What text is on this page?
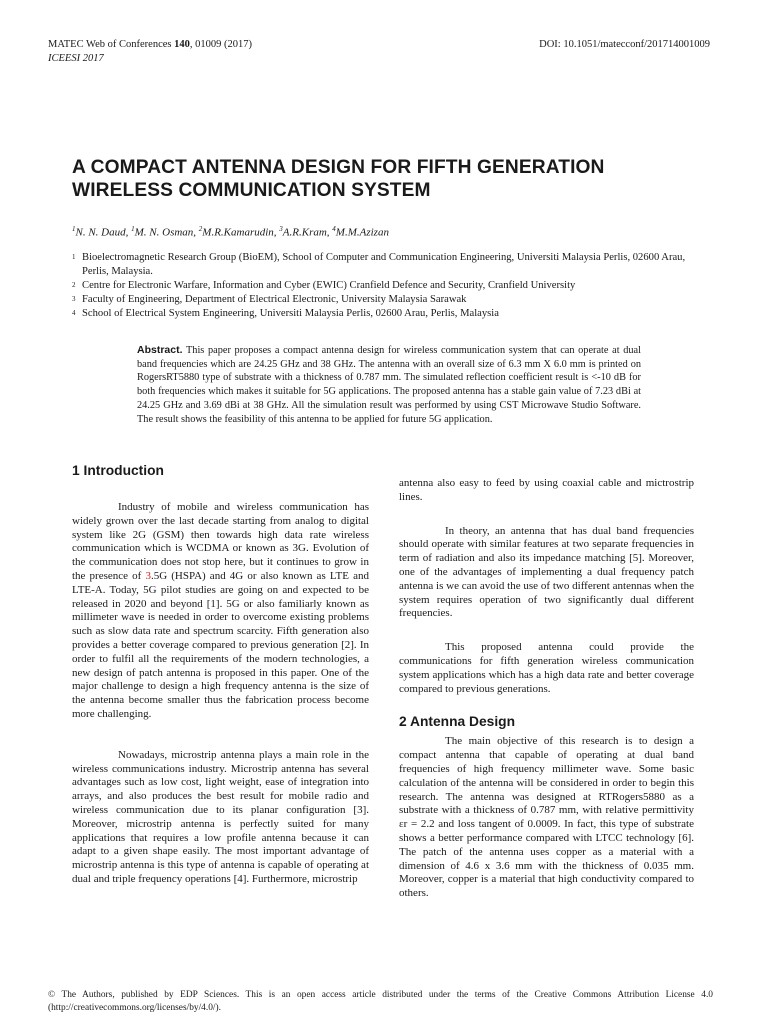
MATEC Web of Conferences 140, 01009 (2017)
ICEESI 2017
DOI: 10.1051/matecconf/201714001009
A COMPACT ANTENNA DESIGN FOR FIFTH GENERATION
WIRELESS COMMUNICATION SYSTEM
$^1$N. N. Daud, $^1$M. N. Osman, $^2$M.R.Kamarudin, $^3$A.R.Kram, $^4$M.M.Azizan
1 Bioelectromagnetic Research Group (BioEM), School of Computer and Communication Engineering, Universiti Malaysia Perlis, 02600 Arau, Perlis, Malaysia.
2 Centre for Electronic Warfare, Information and Cyber (EWIC) Cranfield Defence and Security, Cranfield University
3 Faculty of Engineering, Department of Electrical Electronic, University Malaysia Sarawak
4 School of Electrical System Engineering, Universiti Malaysia Perlis, 02600 Arau, Perlis, Malaysia
Abstract. This paper proposes a compact antenna design for wireless communication system that can operate at dual band frequencies which are 24.25 GHz and 38 GHz. The antenna with an overall size of 6.3 mm X 6.0 mm is printed on RogersRT5880 type of substrate with a thickness of 0.787 mm. The simulated reflection coefficient result is <-10 dB for both frequencies which makes it suitable for 5G applications. The proposed antenna has a stable gain value of 7.23 dBi at 24.25 GHz and 3.69 dBi at 38 GHz. All the simulation result was performed by using CST Microwave Studio Software. The result shows the feasibility of this antenna to be applied for future 5G application.
1 Introduction

Industry of mobile and wireless communication has widely grown over the last decade starting from analog to digital system like 2G (GSM) then towards high data rate wireless communication which is WCDMA or known as 3G. Evolution of the communication does not stop here, but it continues to grow in the presence of 3.5G (HSPA) and 4G or also known as LTE and LTE-A. Today, 5G pilot studies are going on and expected to be released in 2020 and beyond [1]. 5G or also familiarly known as millimeter wave is needed in order to overcome existing problems such as slow data rate and spectrum scarcity. Fifth generation also provides a better coverage compared to previous generation [2]. In order to fulfil all the requirements of the modern technologies, a new design of patch antenna is proposed in this paper. One of the major challenge to design a high frequency antenna is the size of the antenna become smaller thus the fabrication process become more challenging.

Nowadays, microstrip antenna plays a main role in the wireless communications industry. Microstrip antenna has several advantages such as low cost, light weight, ease of integration into arrays, and also produces the best result for mobile radio and wireless communication due to its planar configuration [3]. Moreover, microstrip antenna is perfectly suited for many applications that requires a low profile antenna because it can adapt to a given shape easily. The most important advantage of microstrip antenna is this type of antenna is capable of operating at dual and triple frequency operations [4]. Furthermore, microstrip

antenna also easy to feed by using coaxial cable and mictrostrip lines.

In theory, an antenna that has dual band frequencies should operate with similar features at two separate frequencies in term of radiation and also its impedance matching [5]. Moreover, one of the advantages of implementing a dual frequency patch antenna is we can avoid the use of two different antennas when the system requires operation of two significantly dual different frequencies.

This proposed antenna could provide the communications for fifth generation wireless communication system applications which has a high data rate and better coverage compared to previous generations.

2 Antenna Design

The main objective of this research is to design a compact antenna that capable of operating at dual band frequencies of high frequency millimeter wave. Some basic calculation of the antenna will be considered in order to begin this research. The antenna was designed at RTRogers5880 as a substrate with a thickness of 0.787 mm, with relative permittivity εr = 2.2 and loss tangent of 0.0009. In fact, this type of substrate shows a better performance compared with LTCC technology [6]. The patch of the antenna uses copper as a material with a dimension of 4.6 x 3.6 mm with the thickness of 0.035 mm. Moreover, copper is a material that high conductivity compared to others.

© The Authors, published by EDP Sciences. This is an open access article distributed under the terms of the Creative Commons Attribution License 4.0 (http://creativecommons.org/licenses/by/4.0/).
